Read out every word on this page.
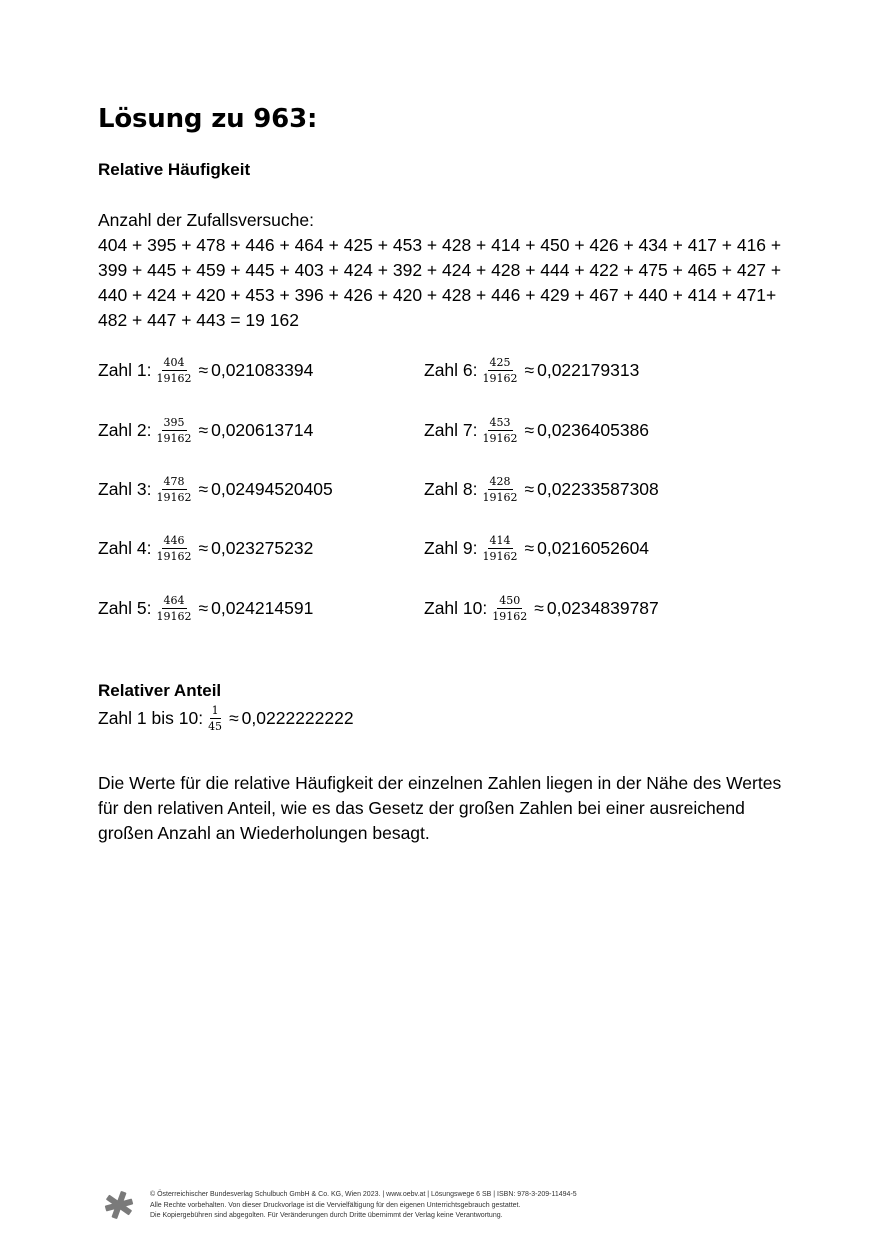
Lösung zu 963:
Relative Häufigkeit
Anzahl der Zufallsversuche:
404 + 395 + 478 + 446 + 464 + 425 + 453 + 428 + 414 + 450 + 426 + 434 + 417 + 416 +
399 + 445 + 459 + 445 + 403 + 424 + 392 + 424 + 428 + 444 + 422 + 475 + 465 + 427 +
440 + 424 + 420 + 453 + 396 + 426 + 420 + 428 + 446 + 429 + 467 + 440 + 414 + 471+
482 + 447 + 443 = 19 162
Zahl 1: $\frac{404}{19162} \approx 0,021083394$
Zahl 2: $\frac{395}{19162} \approx 0,020613714$
Zahl 3: $\frac{478}{19162} \approx 0,02494520405$
Zahl 4: $\frac{446}{19162} \approx 0,023275232$
Zahl 5: $\frac{464}{19162} \approx 0,024214591$
Zahl 6: $\frac{425}{19162} \approx 0,022179313$
Zahl 7: $\frac{453}{19162} \approx 0,0236405386$
Zahl 8: $\frac{428}{19162} \approx 0,02233587308$
Zahl 9: $\frac{414}{19162} \approx 0,0216052604$
Zahl 10: $\frac{450}{19162} \approx 0,0234839787$
Relativer Anteil
Zahl 1 bis 10: $\frac{1}{45} \approx 0,0222222222$
Die Werte für die relative Häufigkeit der einzelnen Zahlen liegen in der Nähe des Wertes
für den relativen Anteil, wie es das Gesetz der großen Zahlen bei einer ausreichend
großen Anzahl an Wiederholungen besagt.
© Österreichischer Bundesverlag Schulbuch GmbH & Co. KG, Wien 2023. | www.oebv.at | Lösungswege 6 SB | ISBN: 978-3-209-11494-5
Alle Rechte vorbehalten. Von dieser Druckvorlage ist die Vervielfältigung für den eigenen Unterrichtsgebrauch gestattet.
Die Kopiergebühren sind abgegolten. Für Veränderungen durch Dritte übernimmt der Verlag keine Verantwortung.
